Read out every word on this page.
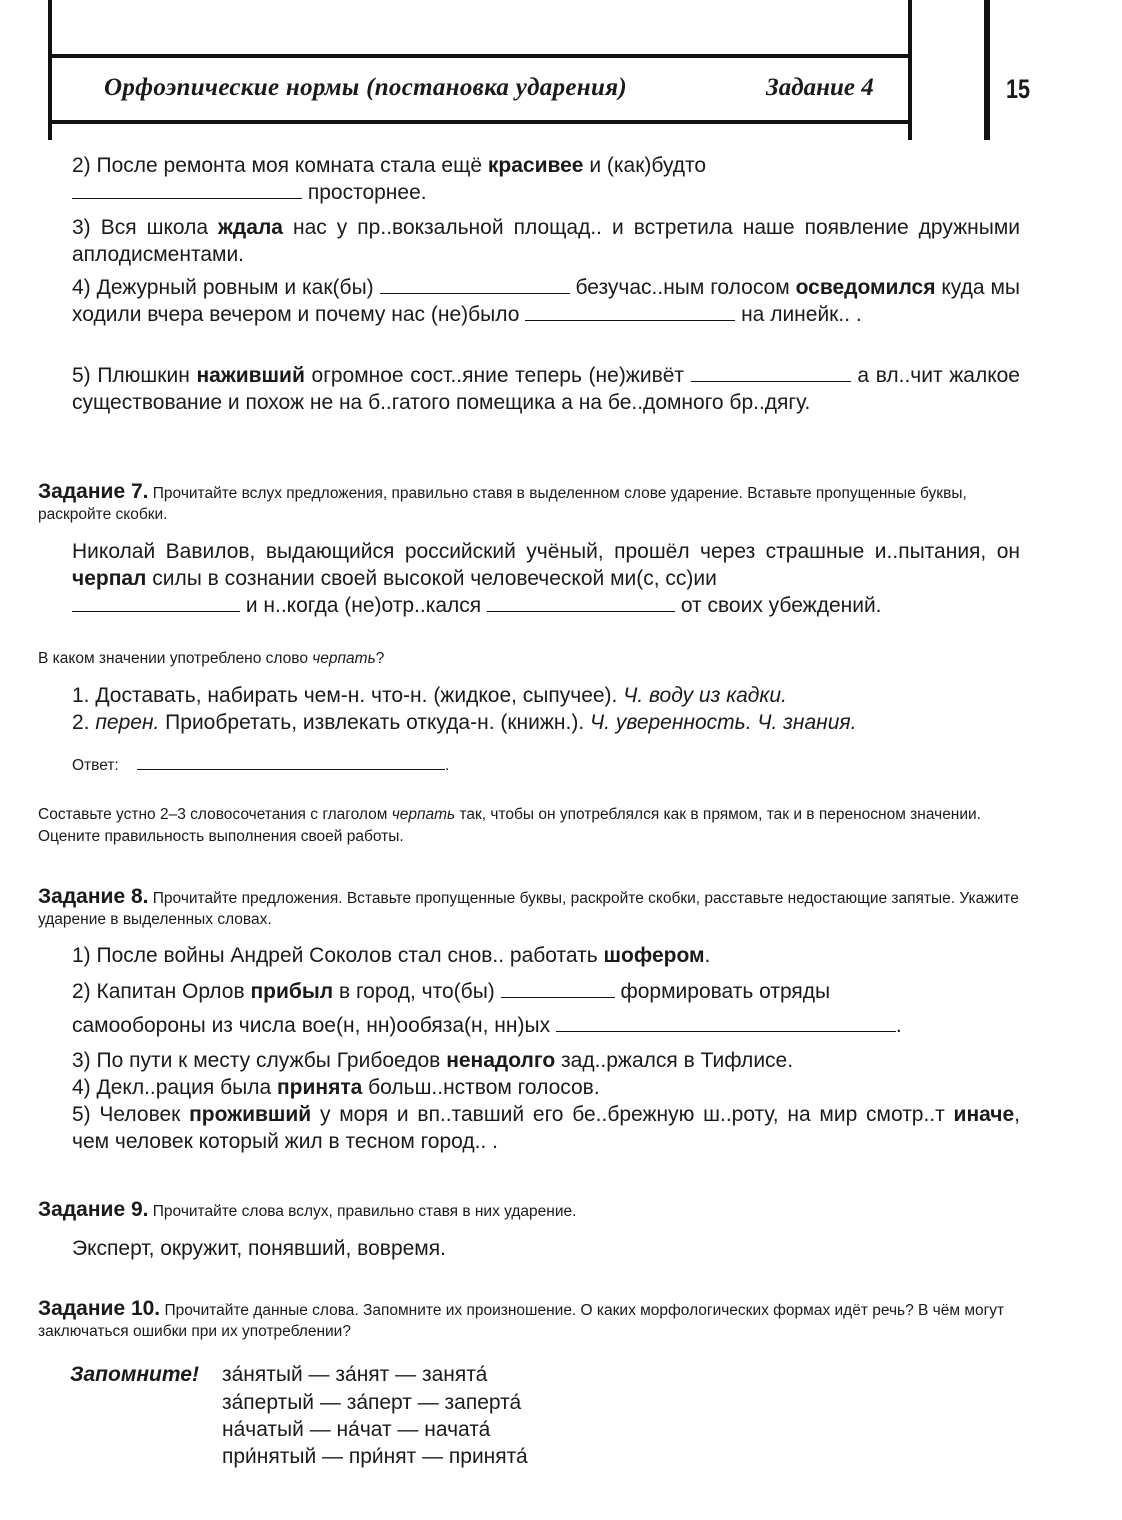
Орфоэпические нормы (постановка ударения)	Задание 4	15
2) После ремонта моя комната стала ещё красивее и (как)будто
просторнее.
3) Вся школа ждала нас у пр..вокзальной площад.. и встретила наше появление дружными аплодисментами.
4) Дежурный ровным и как(бы)	безучас..ным голосом осведомился куда мы ходили вчера вечером и почему нас (не)было	на линейк.. .
5) Плюшкин наживший огромное сост..яние теперь (не)живёт	а вл..чит жалкое существование и похож не на б..гатого помещика а на бе..домного бр..дягу.
Задание 7. Прочитайте вслух предложения, правильно ставя в выделенном слове ударение. Вставьте пропущенные буквы, раскройте скобки.
Николай Вавилов, выдающийся российский учёный, прошёл через страшные и..пытания, он черпал силы в сознании своей высокой человеческой ми(с, сс)ии
и н..когда (не)отр..кался	от своих убеждений.
В каком значении употреблено слово черпать?
1. Доставать, набирать чем-н. что-н. (жидкое, сыпучее). Ч. воду из кадки.
2. перен. Приобретать, извлекать откуда-н. (книжн.). Ч. уверенность. Ч. знания.
Ответ:	.
Составьте устно 2–3 словосочетания с глаголом черпать так, чтобы он употреблялся как в прямом, так и в переносном значении. Оцените правильность выполнения своей работы.
Задание 8. Прочитайте предложения. Вставьте пропущенные буквы, раскройте скобки, расставьте недостающие запятые. Укажите ударение в выделенных словах.
1) После войны Андрей Соколов стал снов.. работать шофером.
2) Капитан Орлов прибыл в город, что(бы)	формировать отряды
самообороны из числа вое(н, нн)ообяза(н, нн)ых	.
3) По пути к месту службы Грибоедов ненадолго зад..ржался в Тифлисе.
4) Декл..рация была принята больш..нством голосов.
5) Человек проживший у моря и вп..тавший его бе..брежную ш..роту, на мир смотр..т иначе, чем человек который жил в тесном город.. .
Задание 9. Прочитайте слова вслух, правильно ставя в них ударение.
Эксперт, окружит, понявший, вовремя.
Задание 10. Прочитайте данные слова. Запомните их произношение. О каких морфологических формах идёт речь? В чём могут заключаться ошибки при их употреблении?
Запомните! за́нятый — за́нят — занята́
за́пертый — за́перт — заперта́
на́чатый — на́чат — начата́
при́нятый — при́нят — принята́
